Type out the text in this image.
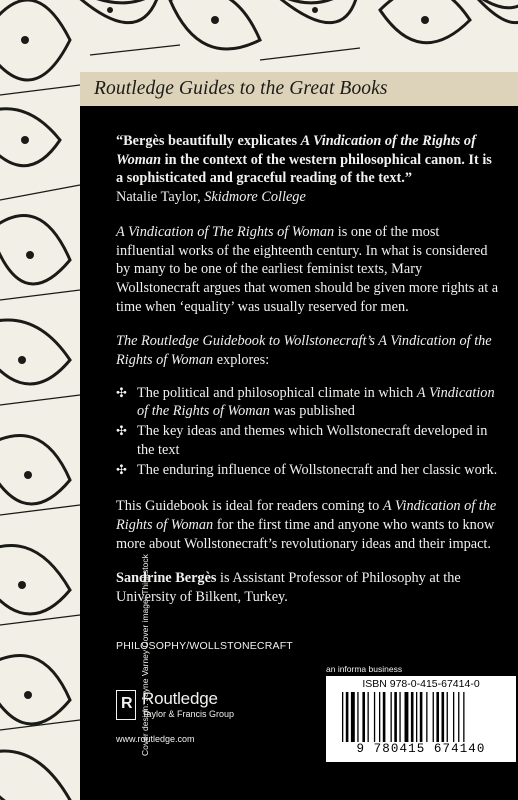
Routledge Guides to the Great Books

“Bergès beautifully explicates A Vindication of the Rights of Woman in the context of the western philosophical canon. It is a sophisticated and graceful reading of the text.”
Natalie Taylor, Skidmore College

A Vindication of The Rights of Woman is one of the most influential works of the eighteenth century. In what is considered by many to be one of the earliest feminist texts, Mary Wollstonecraft argues that women should be given more rights at a time when ‘equality’ was usually reserved for men.

The Routledge Guidebook to Wollstonecraft’s A Vindication of the Rights of Woman explores:

✣ The political and philosophical climate in which A Vindication of the Rights of Woman was published
✣ The key ideas and themes which Wollstonecraft developed in the text
✣ The enduring influence of Wollstonecraft and her classic work.

This Guidebook is ideal for readers coming to A Vindication of the Rights of Woman for the first time and anyone who wants to know more about Wollstonecraft’s revolutionary ideas and their impact.

Sandrine Bergès is Assistant Professor of Philosophy at the University of Bilkent, Turkey.

PHILOSOPHY/WOLLSTONECRAFT
R Routledge
Taylor & Francis Group
www.routledge.com
an informa business
ISBN 978-0-415-67414-0
9 780415 674140
Cover design: Jayne Varney Cover image: Thinkstock
